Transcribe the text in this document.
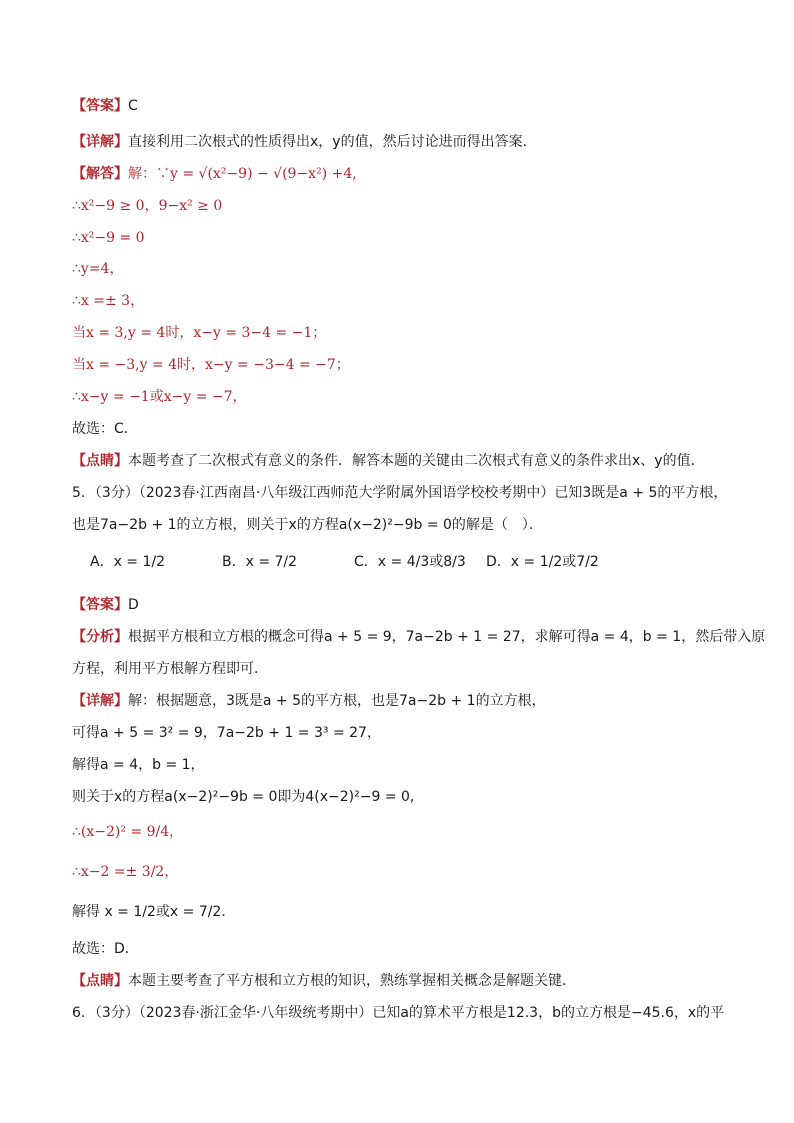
【答案】C

【详解】直接利用二次根式的性质得出x，y的值，然后讨论进而得出答案．

【解答】解：∵y = √(x²−9) − √(9−x²) +4,

∴x²−9 ≥ 0，9−x² ≥ 0

∴x²−9 = 0

∴y=4，

∴x =± 3，

当x = 3,y = 4时，x−y = 3−4 = −1；

当x = −3,y = 4时，x−y = −3−4 = −7；

∴x−y = −1或x−y = −7，

故选：C．

【点睛】本题考查了二次根式有意义的条件．解答本题的关键由二次根式有意义的条件求出x、y的值．

5．（3分）（2023春·江西南昌·八年级江西师范大学附属外国语学校校考期中）已知3既是a + 5的平方根，

也是7a−2b + 1的立方根，则关于x的方程a(x−2)²−9b = 0的解是（　）．

A．x = 1/2	B．x = 7/2	C．x = 4/3或8/3 D．x = 1/2或7/2

【答案】D

【分析】根据平方根和立方根的概念可得a + 5 = 9，7a−2b + 1 = 27，求解可得a = 4，b = 1，然后带入原

方程，利用平方根解方程即可．

【详解】解：根据题意，3既是a + 5的平方根，也是7a−2b + 1的立方根，

可得a + 5 = 3² = 9，7a−2b + 1 = 3³ = 27，

解得a = 4，b = 1，

则关于x的方程a(x−2)²−9b = 0即为4(x−2)²−9 = 0,

∴(x−2)² = 9/4，

∴x−2 =± 3/2，

解得 x = 1/2或x = 7/2．

故选：D．

【点睛】本题主要考查了平方根和立方根的知识，熟练掌握相关概念是解题关键．

6．（3分）（2023春·浙江金华·八年级统考期中）已知a的算术平方根是12.3，b的立方根是−45.6，x的平
